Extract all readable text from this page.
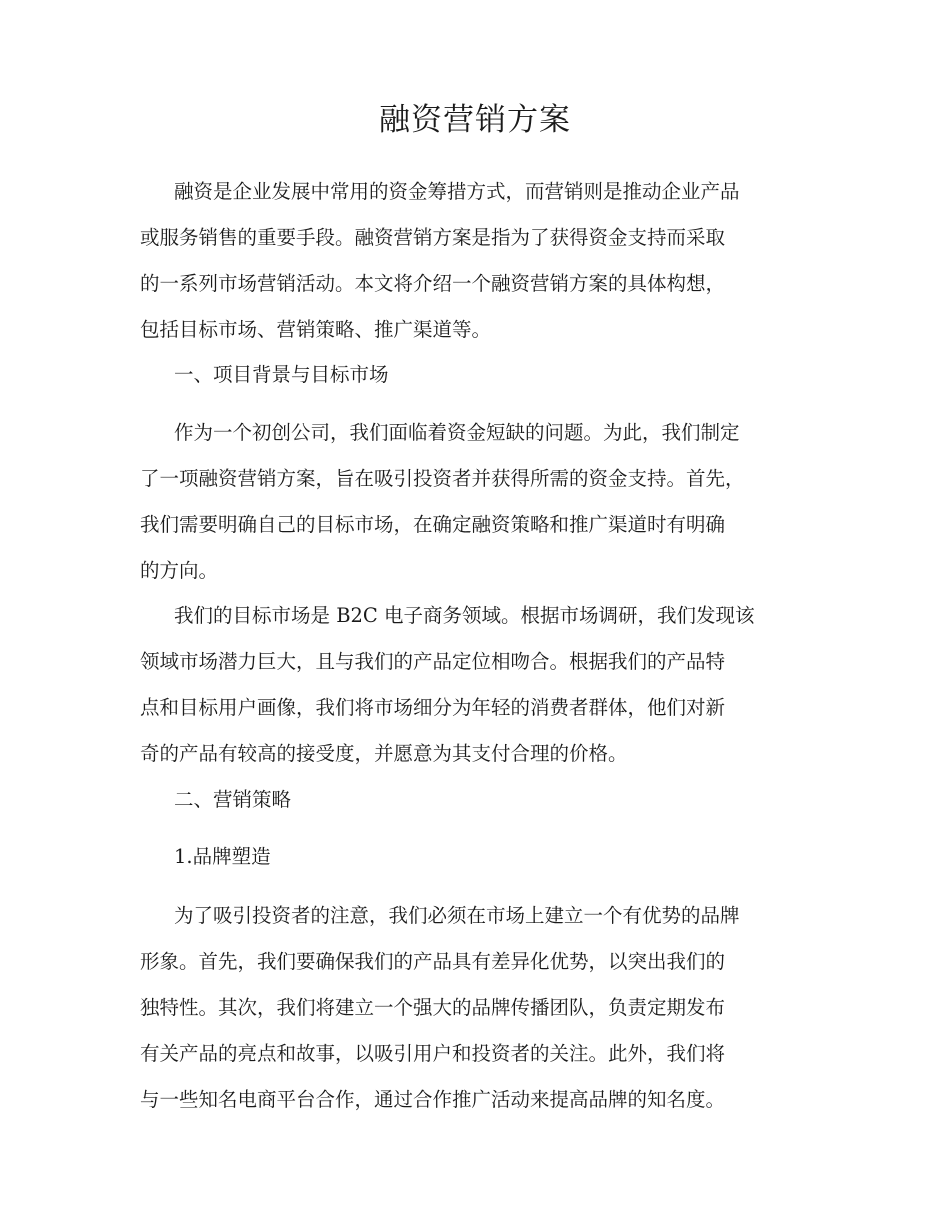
融资营销方案
融资是企业发展中常用的资金筹措方式，而营销则是推动企业产品
或服务销售的重要手段。融资营销方案是指为了获得资金支持而采取
的一系列市场营销活动。本文将介绍一个融资营销方案的具体构想，
包括目标市场、营销策略、推广渠道等。
一、项目背景与目标市场
作为一个初创公司，我们面临着资金短缺的问题。为此，我们制定
了一项融资营销方案，旨在吸引投资者并获得所需的资金支持。首先，
我们需要明确自己的目标市场，在确定融资策略和推广渠道时有明确
的方向。
我们的目标市场是 B2C 电子商务领域。根据市场调研，我们发现该
领域市场潜力巨大，且与我们的产品定位相吻合。根据我们的产品特
点和目标用户画像，我们将市场细分为年轻的消费者群体，他们对新
奇的产品有较高的接受度，并愿意为其支付合理的价格。
二、营销策略
1.品牌塑造
为了吸引投资者的注意，我们必须在市场上建立一个有优势的品牌
形象。首先，我们要确保我们的产品具有差异化优势，以突出我们的
独特性。其次，我们将建立一个强大的品牌传播团队，负责定期发布
有关产品的亮点和故事，以吸引用户和投资者的关注。此外，我们将
与一些知名电商平台合作，通过合作推广活动来提高品牌的知名度。
